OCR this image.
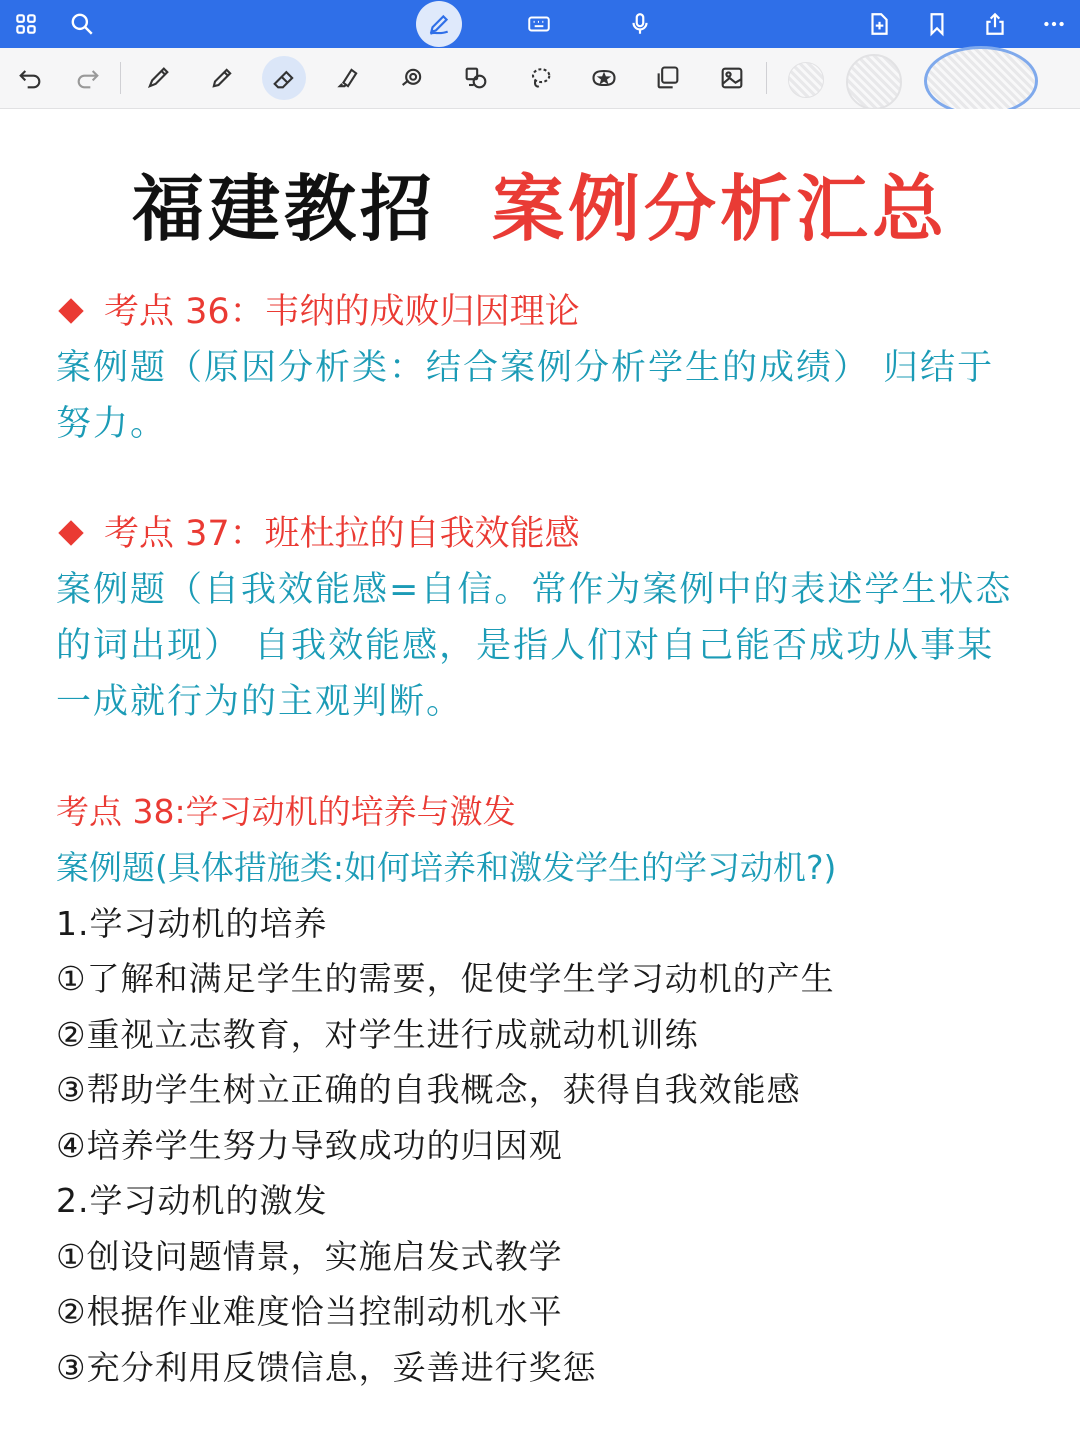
福建教招 案例分析汇总
考点 36：韦纳的成败归因理论
案例题（原因分析类：结合案例分析学生的成绩） 归结于努力。
考点 37：班杜拉的自我效能感
案例题（自我效能感=自信。常作为案例中的表述学生状态的词出现） 自我效能感，是指人们对自己能否成功从事某一成就行为的主观判断。
考点 38:学习动机的培养与激发
案例题(具体措施类:如何培养和激发学生的学习动机?)
1.学习动机的培养
①了解和满足学生的需要，促使学生学习动机的产生
②重视立志教育，对学生进行成就动机训练
③帮助学生树立正确的自我概念，获得自我效能感
④培养学生努力导致成功的归因观
2.学习动机的激发
①创设问题情景，实施启发式教学
②根据作业难度恰当控制动机水平
③充分利用反馈信息，妥善进行奖惩
